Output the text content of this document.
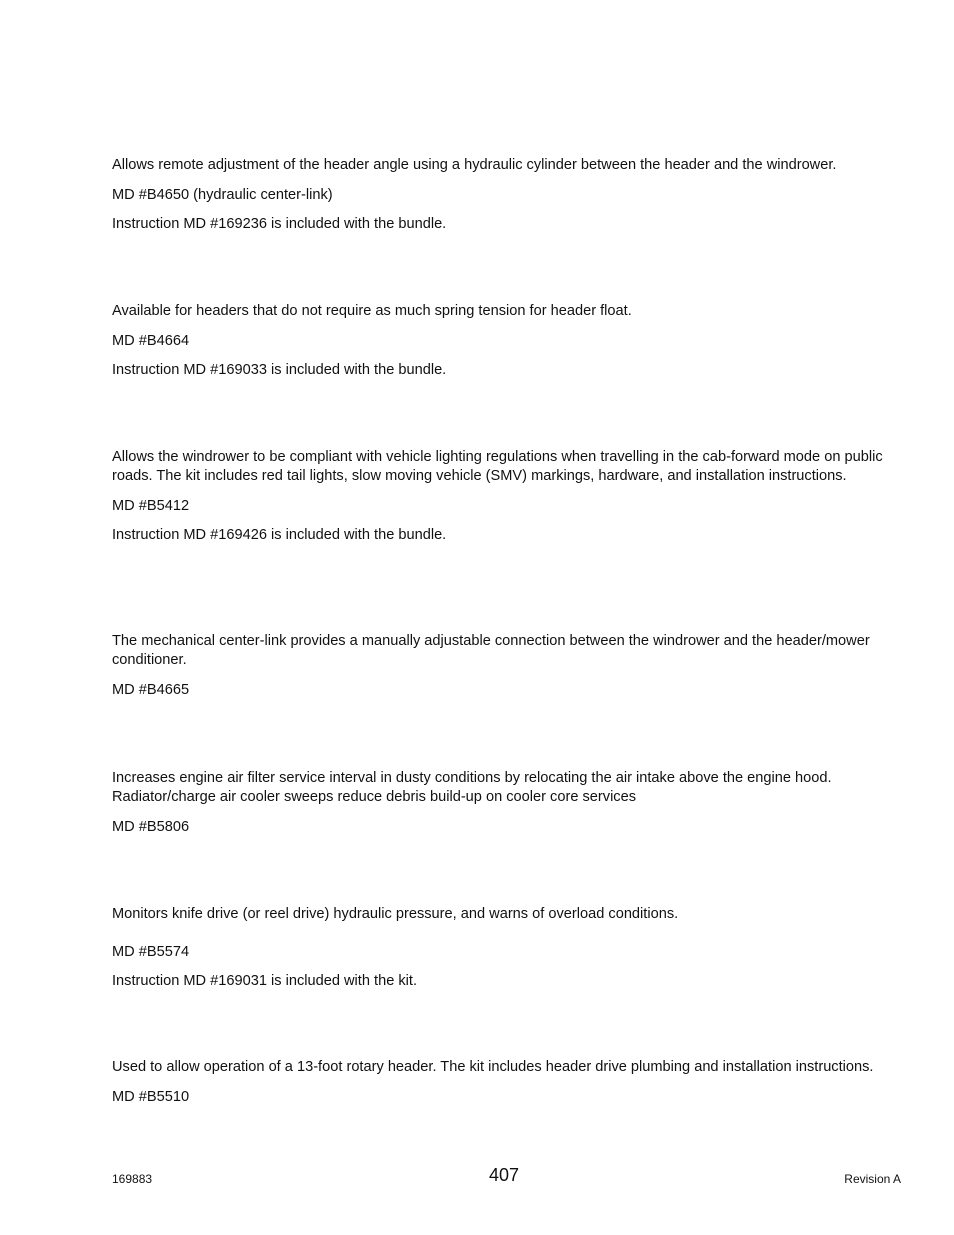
Allows remote adjustment of the header angle using a hydraulic cylinder between the header and the windrower.

MD #B4650 (hydraulic center-link)

Instruction MD #169236 is included with the bundle.

Available for headers that do not require as much spring tension for header float.

MD #B4664

Instruction MD #169033 is included with the bundle.

Allows the windrower to be compliant with vehicle lighting regulations when travelling in the cab-forward mode on public roads. The kit includes red tail lights, slow moving vehicle (SMV) markings, hardware, and installation instructions.

MD #B5412

Instruction MD #169426 is included with the bundle.

The mechanical center-link provides a manually adjustable connection between the windrower and the header/mower conditioner.

MD #B4665

Increases engine air filter service interval in dusty conditions by relocating the air intake above the engine hood. Radiator/charge air cooler sweeps reduce debris build-up on cooler core services

MD #B5806

Monitors knife drive (or reel drive) hydraulic pressure, and warns of overload conditions.

MD #B5574

Instruction MD #169031 is included with the kit.

Used to allow operation of a 13-foot rotary header. The kit includes header drive plumbing and installation instructions.

MD #B5510

169883	407	Revision A
